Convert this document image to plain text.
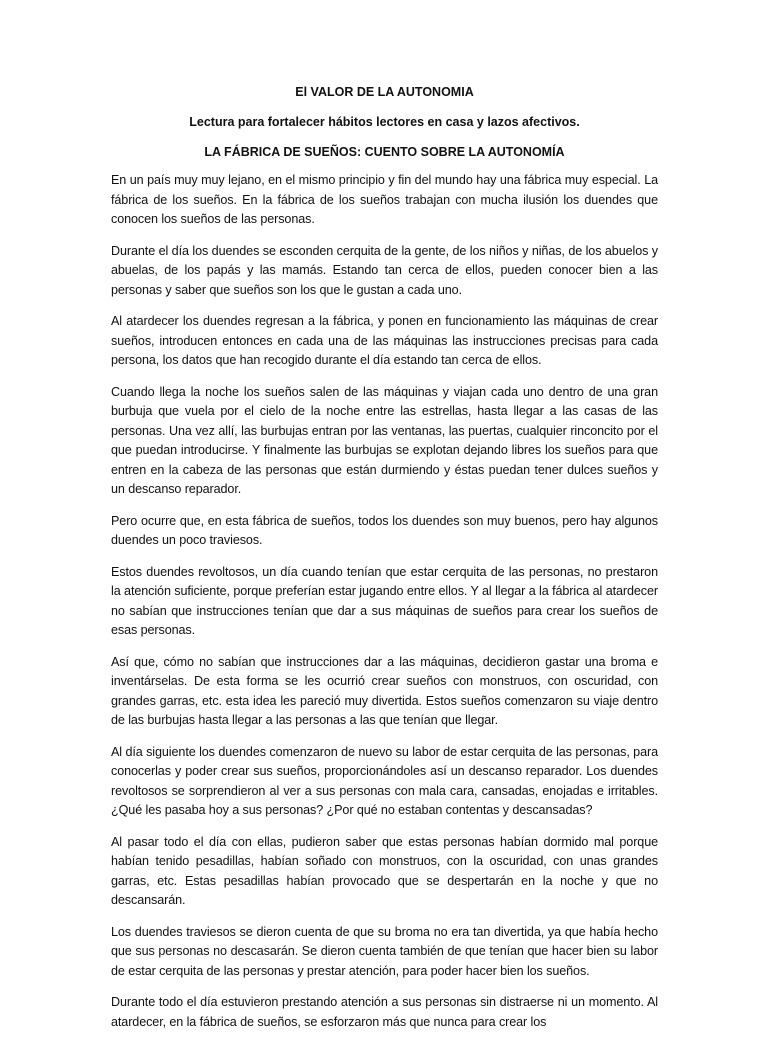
El VALOR DE LA AUTONOMIA
Lectura para fortalecer hábitos lectores en casa y lazos afectivos.
LA FÁBRICA DE SUEÑOS: CUENTO SOBRE LA AUTONOMÍA

En un país muy muy lejano, en el mismo principio y fin del mundo hay una fábrica muy especial. La fábrica de los sueños. En la fábrica de los sueños trabajan con mucha ilusión los duendes que conocen los sueños de las personas.

Durante el día los duendes se esconden cerquita de la gente, de los niños y niñas, de los abuelos y abuelas, de los papás y las mamás. Estando tan cerca de ellos, pueden conocer bien a las personas y saber que sueños son los que le gustan a cada uno.

Al atardecer los duendes regresan a la fábrica, y ponen en funcionamiento las máquinas de crear sueños, introducen entonces en cada una de las máquinas las instrucciones precisas para cada persona, los datos que han recogido durante el día estando tan cerca de ellos.

Cuando llega la noche los sueños salen de las máquinas y viajan cada uno dentro de una gran burbuja que vuela por el cielo de la noche entre las estrellas, hasta llegar a las casas de las personas. Una vez allí, las burbujas entran por las ventanas, las puertas, cualquier rinconcito por el que puedan introducirse. Y finalmente las burbujas se explotan dejando libres los sueños para que entren en la cabeza de las personas que están durmiendo y éstas puedan tener dulces sueños y un descanso reparador.

Pero ocurre que, en esta fábrica de sueños, todos los duendes son muy buenos, pero hay algunos duendes un poco traviesos.

Estos duendes revoltosos, un día cuando tenían que estar cerquita de las personas, no prestaron la atención suficiente, porque preferían estar jugando entre ellos. Y al llegar a la fábrica al atardecer no sabían que instrucciones tenían que dar a sus máquinas de sueños para crear los sueños de esas personas.

Así que, cómo no sabían que instrucciones dar a las máquinas, decidieron gastar una broma e inventárselas. De esta forma se les ocurrió crear sueños con monstruos, con oscuridad, con grandes garras, etc. esta idea les pareció muy divertida. Estos sueños comenzaron su viaje dentro de las burbujas hasta llegar a las personas a las que tenían que llegar.

Al día siguiente los duendes comenzaron de nuevo su labor de estar cerquita de las personas, para conocerlas y poder crear sus sueños, proporcionándoles así un descanso reparador. Los duendes revoltosos se sorprendieron al ver a sus personas con mala cara, cansadas, enojadas e irritables. ¿Qué les pasaba hoy a sus personas? ¿Por qué no estaban contentas y descansadas?

Al pasar todo el día con ellas, pudieron saber que estas personas habían dormido mal porque habían tenido pesadillas, habían soñado con monstruos, con la oscuridad, con unas grandes garras, etc. Estas pesadillas habían provocado que se despertarán en la noche y que no descansarán.

Los duendes traviesos se dieron cuenta de que su broma no era tan divertida, ya que había hecho que sus personas no descasarán. Se dieron cuenta también de que tenían que hacer bien su labor de estar cerquita de las personas y prestar atención, para poder hacer bien los sueños.

Durante todo el día estuvieron prestando atención a sus personas sin distraerse ni un momento. Al atardecer, en la fábrica de sueños, se esforzaron más que nunca para crear los
